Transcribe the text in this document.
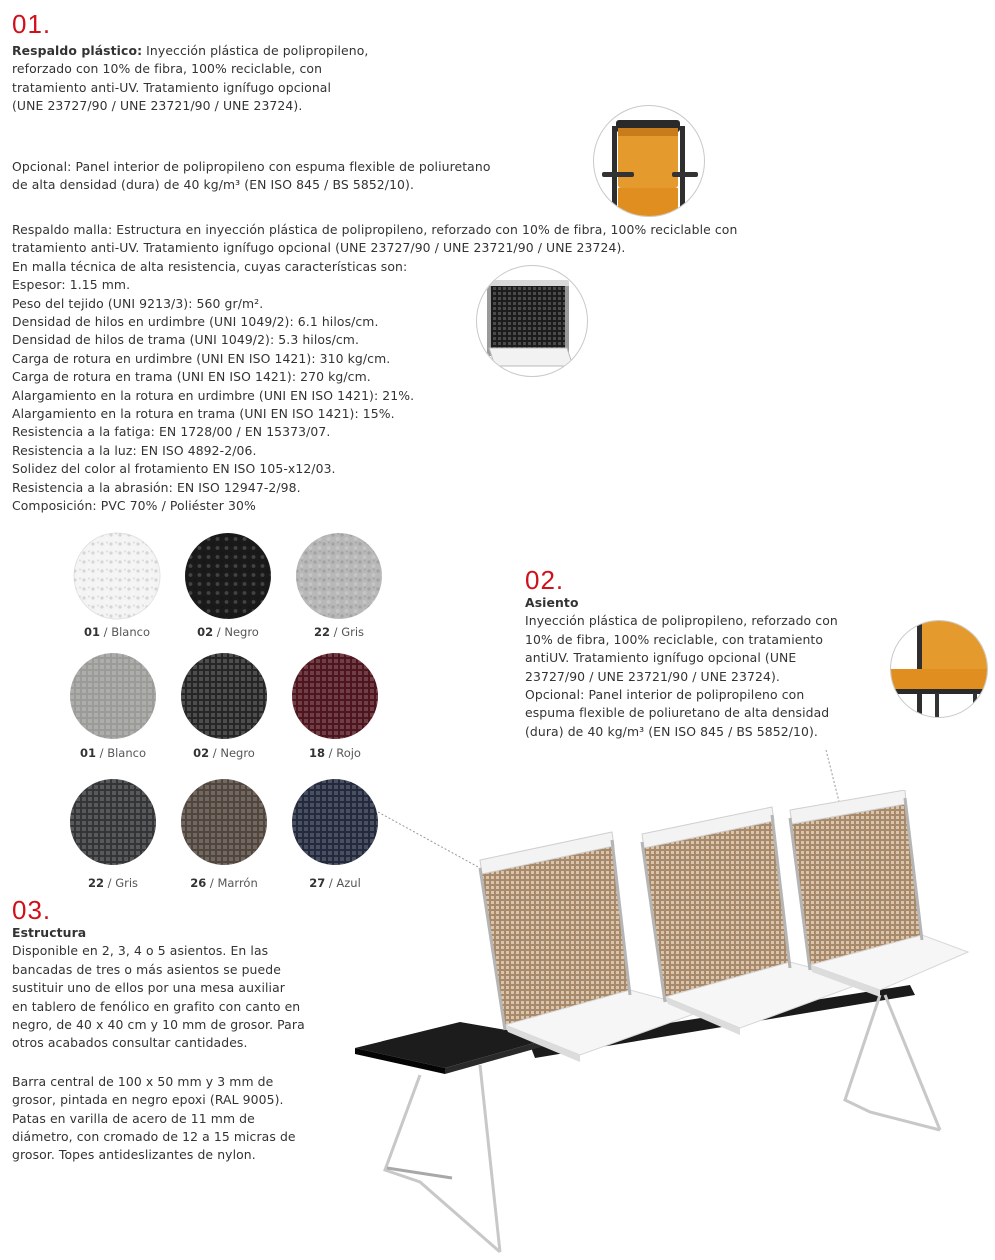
01.
Respaldo plástico: Inyección plástica de polipropileno,
reforzado con 10% de fibra, 100% reciclable, con
tratamiento anti-UV. Tratamiento ignífugo opcional
(UNE 23727/90 / UNE 23721/90 / UNE 23724).
Opcional: Panel interior de polipropileno con espuma flexible de poliuretano
de alta densidad (dura) de 40 kg/m³ (EN ISO 845 / BS 5852/10).
Respaldo malla: Estructura en inyección plástica de polipropileno, reforzado con 10% de fibra, 100% reciclable con
tratamiento anti-UV. Tratamiento ignífugo opcional (UNE 23727/90 / UNE 23721/90 / UNE 23724).
En malla técnica de alta resistencia, cuyas características son:
Espesor: 1.15 mm.
Peso del tejido (UNI 9213/3): 560 gr/m².
Densidad de hilos en urdimbre (UNI 1049/2): 6.1 hilos/cm.
Densidad de hilos de trama (UNI 1049/2): 5.3 hilos/cm.
Carga de rotura en urdimbre (UNI EN ISO 1421): 310 kg/cm.
Carga de rotura en trama (UNI EN ISO 1421): 270 kg/cm.
Alargamiento en la rotura en urdimbre (UNI EN ISO 1421): 21%.
Alargamiento en la rotura en trama (UNI EN ISO 1421): 15%.
Resistencia a la fatiga: EN 1728/00 / EN 15373/07.
Resistencia a la luz: EN ISO 4892-2/06.
Solidez del color al frotamiento EN ISO 105-x12/03.
Resistencia a la abrasión: EN ISO 12947-2/98.
Composición: PVC 70% / Poliéster 30%
01 / Blanco	02 / Negro	22 / Gris
01 / Blanco	02 / Negro	18 / Rojo
22 / Gris	26 / Marrón	27 / Azul
02.
Asiento
Inyección plástica de polipropileno, reforzado con
10% de fibra, 100% reciclable, con tratamiento
antiUV. Tratamiento ignífugo opcional (UNE
23727/90 / UNE 23721/90 / UNE 23724).
Opcional: Panel interior de polipropileno con
espuma flexible de poliuretano de alta densidad
(dura) de 40 kg/m³ (EN ISO 845 / BS 5852/10).
03.
Estructura
Disponible en 2, 3, 4 o 5 asientos. En las
bancadas de tres o más asientos se puede
sustituir uno de ellos por una mesa auxiliar
en tablero de fenólico en grafito con canto en
negro, de 40 x 40 cm y 10 mm de grosor. Para
otros acabados consultar cantidades.
Barra central de 100 x 50 mm y 3 mm de
grosor, pintada en negro epoxi (RAL 9005).
Patas en varilla de acero de 11 mm de
diámetro, con cromado de 12 a 15 micras de
grosor. Topes antideslizantes de nylon.
